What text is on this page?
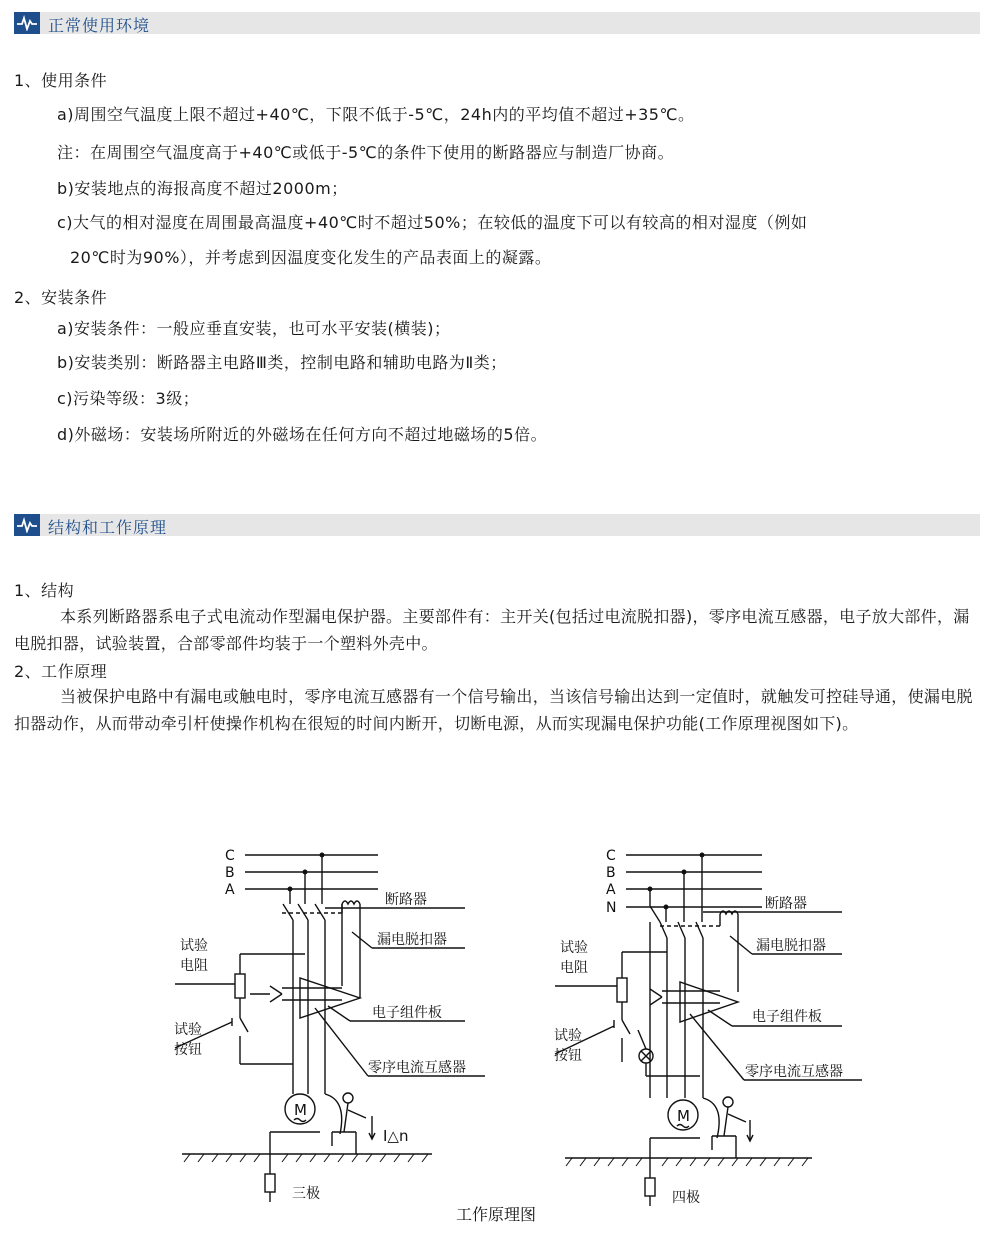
正常使用环境
1、使用条件
a)周围空气温度上限不超过+40℃，下限不低于-5℃，24h内的平均值不超过+35℃。
注：在周围空气温度高于+40℃或低于-5℃的条件下使用的断路器应与制造厂协商。
b)安装地点的海报高度不超过2000m；
c)大气的相对湿度在周围最高温度+40℃时不超过50%；在较低的温度下可以有较高的相对湿度（例如
20℃时为90%），并考虑到因温度变化发生的产品表面上的凝露。
2、安装条件
a)安装条件：一般应垂直安装，也可水平安装(横装)；
b)安装类别：断路器主电路Ⅲ类，控制电路和辅助电路为Ⅱ类；
c)污染等级：3级；
d)外磁场：安装场所附近的外磁场在任何方向不超过地磁场的5倍。
结构和工作原理
1、结构
本系列断路器系电子式电流动作型漏电保护器。主要部件有：主开关(包括过电流脱扣器)，零序电流互感器，电子放大部件，漏电脱扣器，试验装置，合部零部件均装于一个塑料外壳中。
2、工作原理
当被保护电路中有漏电或触电时，零序电流互感器有一个信号输出，当该信号输出达到一定值时，就触发可控硅导通，使漏电脱扣器动作，从而带动牵引杆使操作机构在很短的时间内断开，切断电源，从而实现漏电保护功能(工作原理视图如下)。
C
B
A
断路器
漏电脱扣器
电子组件板
零序电流互感器
试验
电阻
试验
按钮
M
I△n
三极
C
B
A
N	断路器
漏电脱扣器
电子组件板
零序电流互感器
试验
电阻
试验
按钮
M
四极
工作原理图
